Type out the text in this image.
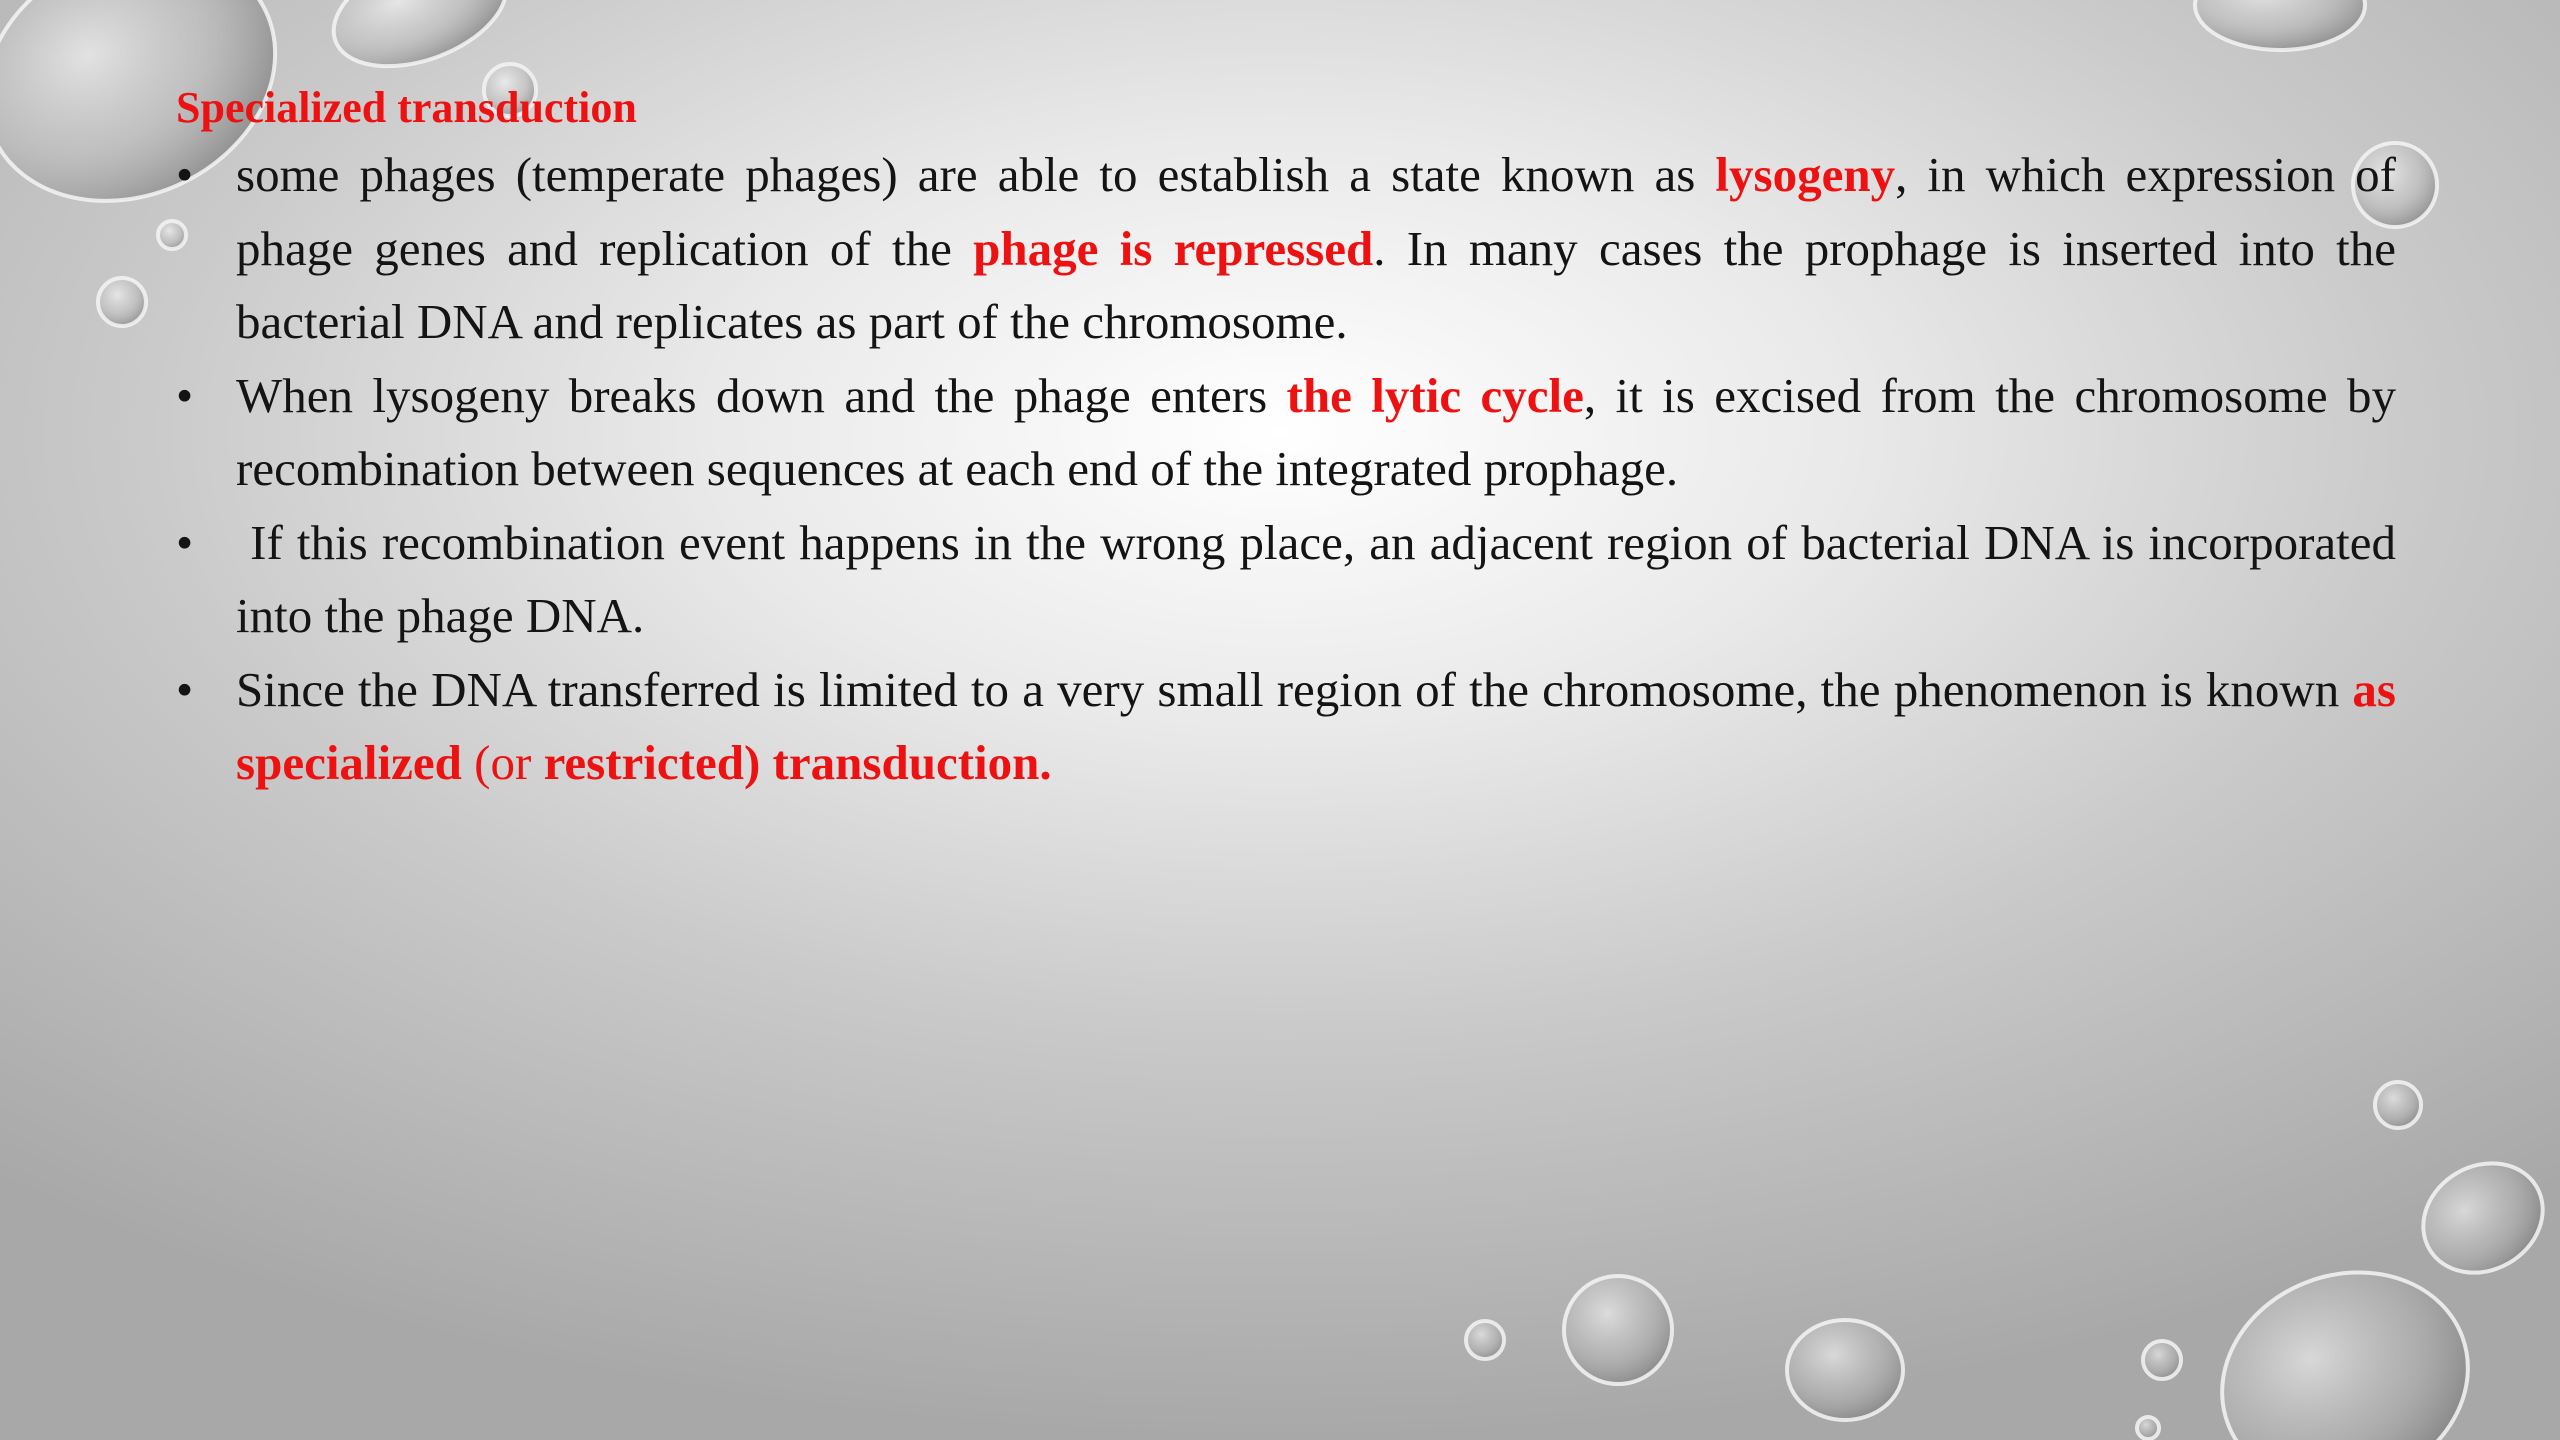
Specialized transduction
• some phages (temperate phages) are able to establish a state known as lysogeny, in which expression of phage genes and replication of the phage is repressed. In many cases the prophage is inserted into the bacterial DNA and replicates as part of the chromosome.
• When lysogeny breaks down and the phage enters the lytic cycle, it is excised from the chromosome by recombination between sequences at each end of the integrated prophage.
•  If this recombination event happens in the wrong place, an adjacent region of bacterial DNA is incorporated into the phage DNA.
• Since the DNA transferred is limited to a very small region of the chromosome, the phenomenon is known as specialized (or restricted) transduction.
